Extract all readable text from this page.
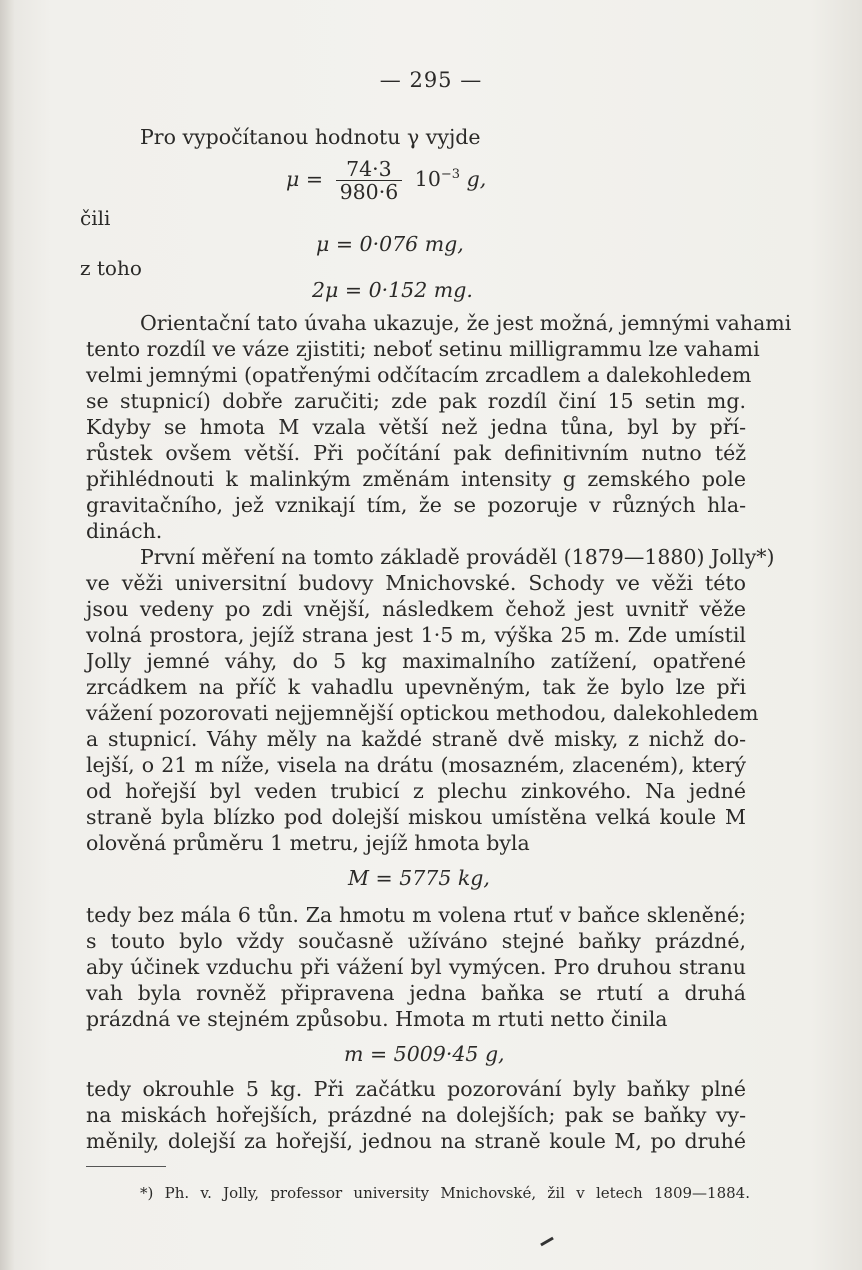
— 295 —
Pro vypočítanou hodnotu γ vyjde
$\mu = \frac{74\cdot 3}{980\cdot 6} 10^{-3}$ g,
čili
μ = 0·076 mg,
z toho
2μ = 0·152 mg.
Orientační tato úvaha ukazuje, že jest možná, jemnými vahami
tento rozdíl ve váze zjistiti; neboť setinu milligrammu lze vahami
velmi jemnými (opatřenými odčítacím zrcadlem a dalekohledem
se stupnicí) dobře zaručiti; zde pak rozdíl činí 15 setin mg.
Kdyby se hmota M vzala větší než jedna tůna, byl by pří-
růstek ovšem větší. Při počítání pak definitivním nutno též
přihlédnouti k malinkým změnám intensity g zemského pole
gravitačního, jež vznikají tím, že se pozoruje v různých hla-
dinách.
První měření na tomto základě prováděl (1879—1880) Jolly*)
ve věži universitní budovy Mnichovské. Schody ve věži této
jsou vedeny po zdi vnější, následkem čehož jest uvnitř věže
volná prostora, jejíž strana jest 1·5 m, výška 25 m. Zde umístil
Jolly jemné váhy, do 5 kg maximalního zatížení, opatřené
zrcádkem na příč k vahadlu upevněným, tak že bylo lze při
vážení pozorovati nejjemnější optickou methodou, dalekohledem
a stupnicí. Váhy měly na každé straně dvě misky, z nichž do-
lejší, o 21 m níže, visela na drátu (mosazném, zlaceném), který
od hořejší byl veden trubicí z plechu zinkového. Na jedné
straně byla blízko pod dolejší miskou umístěna velká koule M
olověná průměru 1 metru, jejíž hmota byla
M = 5775 kg,
tedy bez mála 6 tůn. Za hmotu m volena rtuť v baňce skleněné;
s touto bylo vždy současně užíváno stejné baňky prázdné,
aby účinek vzduchu při vážení byl vymýcen. Pro druhou stranu
vah byla rovněž připravena jedna baňka se rtutí a druhá
prázdná ve stejném způsobu. Hmota m rtuti netto činila
m = 5009·45 g,
tedy okrouhle 5 kg. Při začátku pozorování byly baňky plné
na miskách hořejších, prázdné na dolejších; pak se baňky vy-
měnily, dolejší za hořejší, jednou na straně koule M, po druhé
*) Ph. v. Jolly, professor university Mnichovské, žil v letech 1809—1884.
